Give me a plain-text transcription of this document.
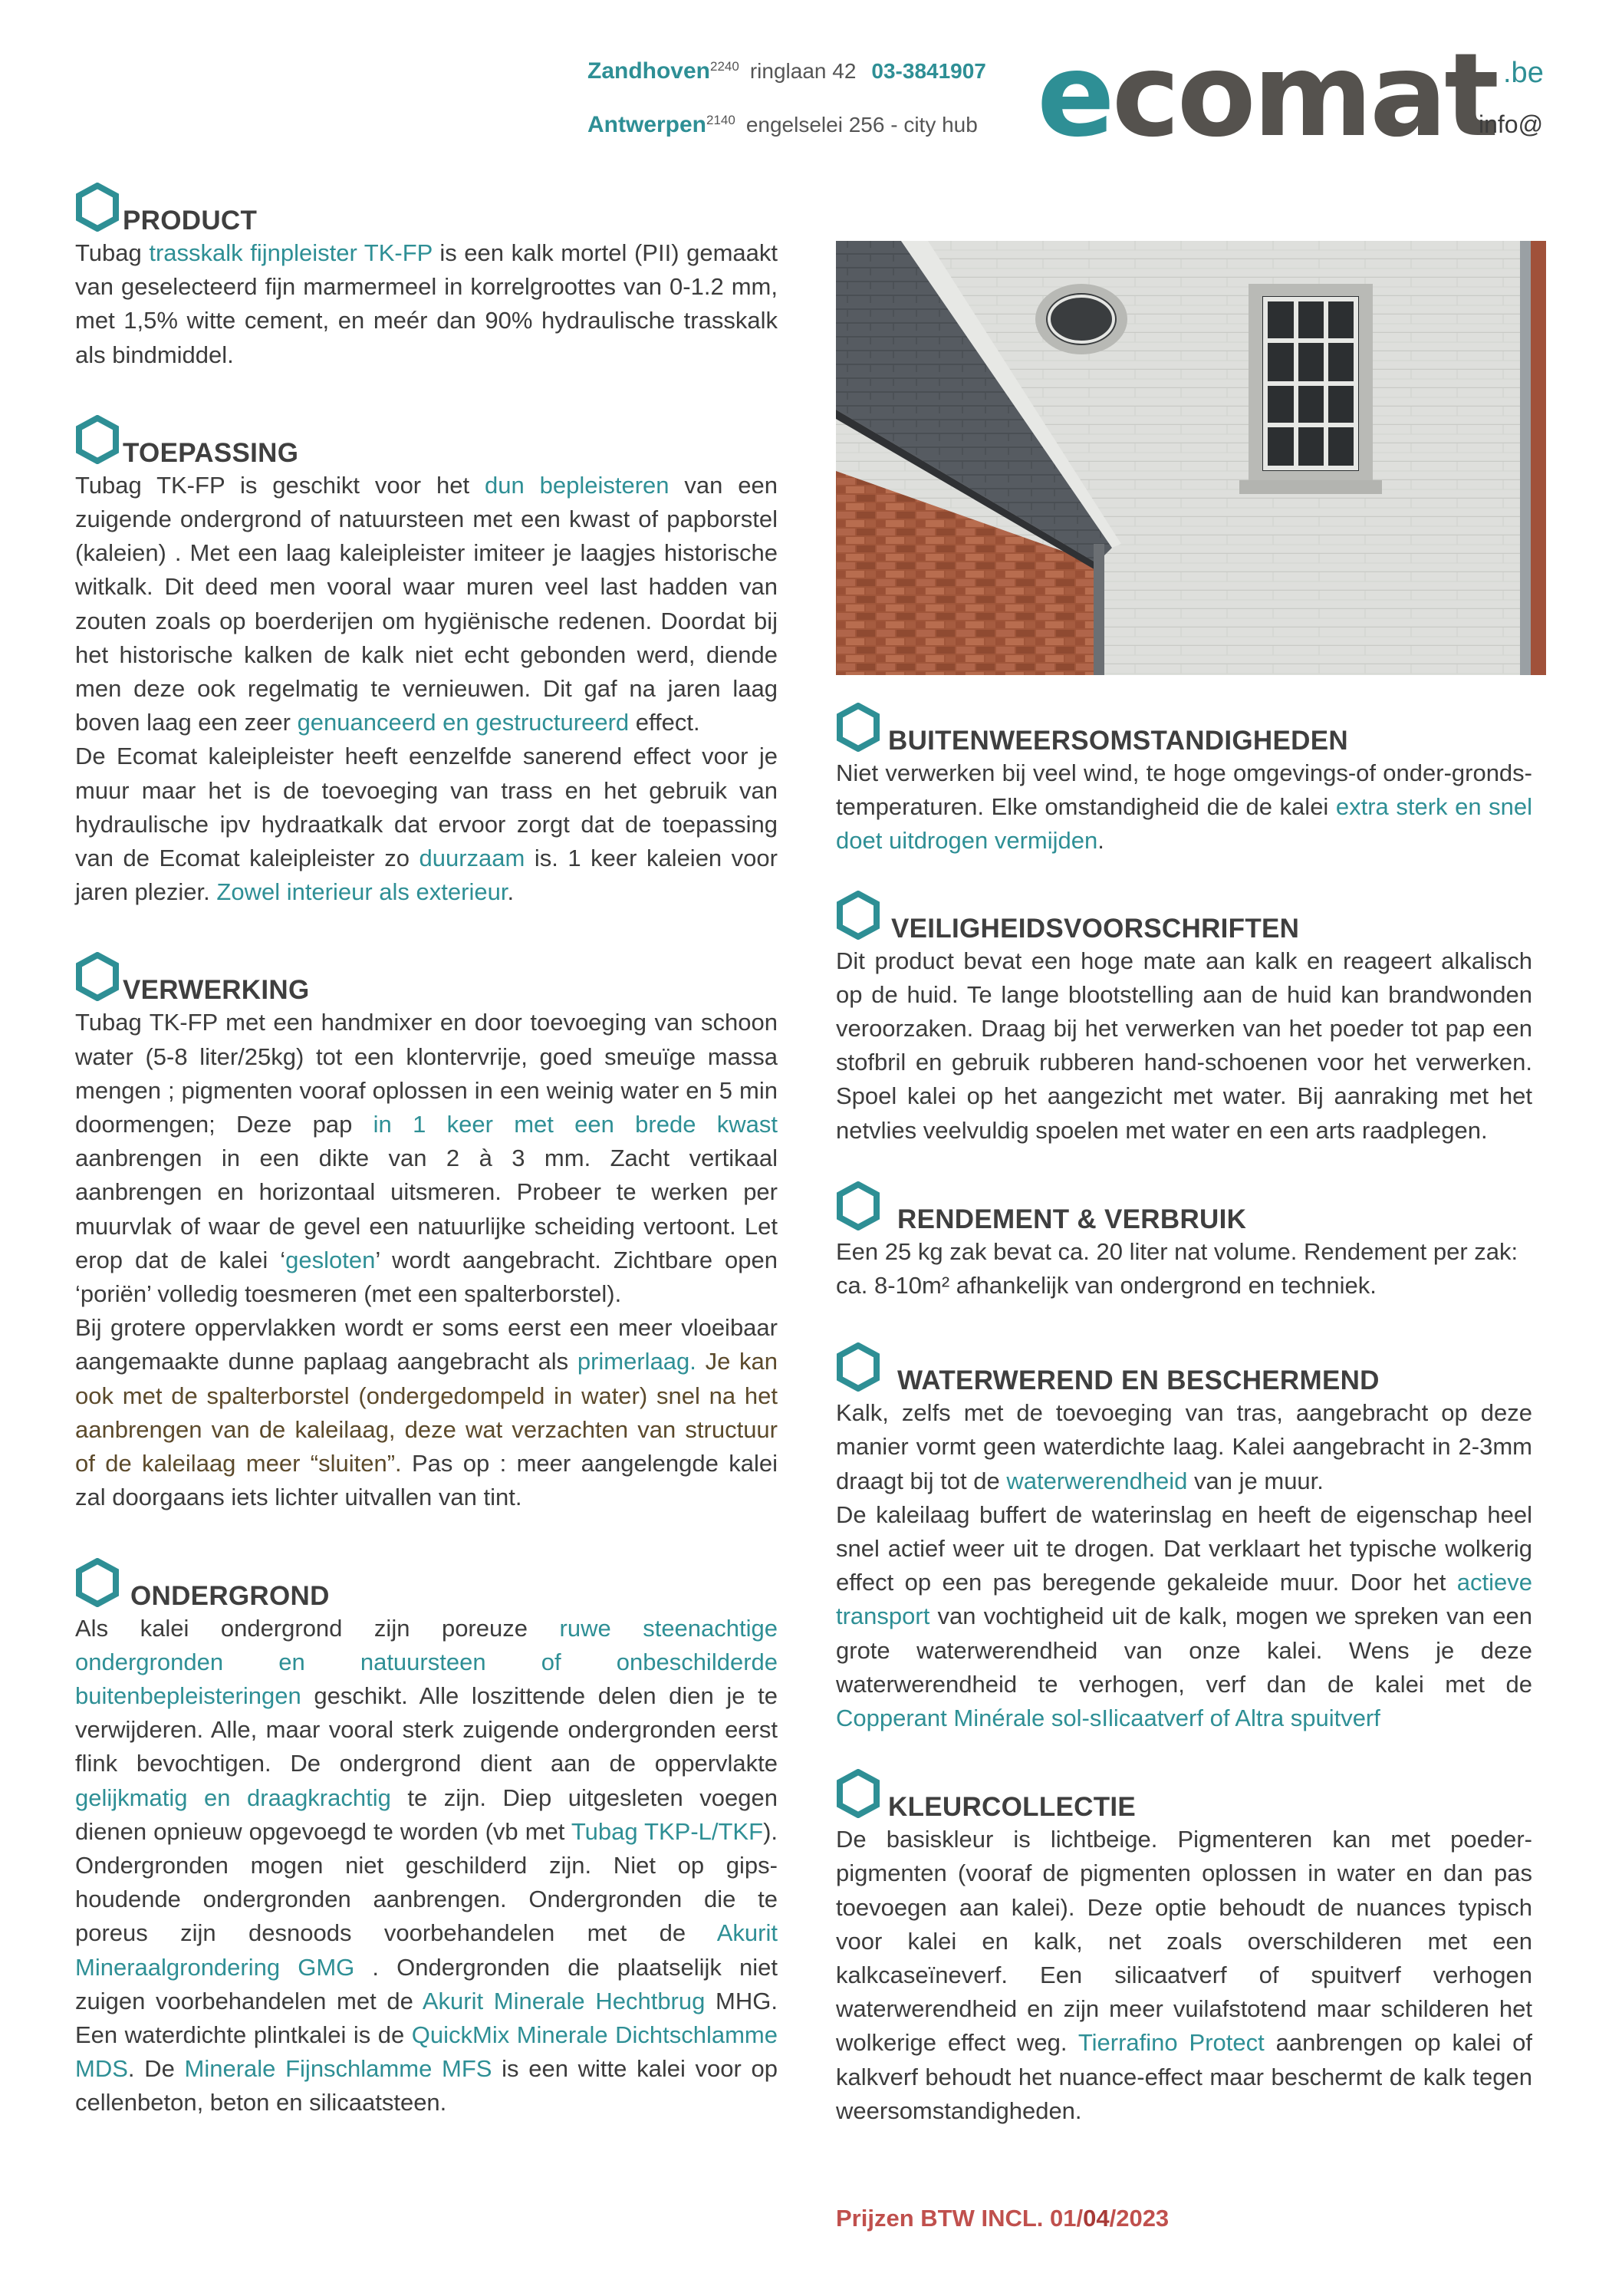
Zandhoven$^{2240}$ ringlaan 42 03-3841907
Antwerpen$^{2140}$ engelselei 256 - city hub ecomat .be
info@
PRODUCT

Tubag trasskalk fijnpleister TK-FP is een kalk mortel (PII) gemaakt van geselecteerd fijn marmermeel in korrelgroottes van 0-1.2 mm, met 1,5% witte cement, en meér dan 90% hydraulische trasskalk als bindmiddel.

TOEPASSING

Tubag TK-FP is geschikt voor het dun bepleisteren van een zuigende ondergrond of natuursteen met een kwast of papborstel (kaleien) . Met een laag kaleipleister imiteer je laagjes historische witkalk. Dit deed men vooral waar muren veel last hadden van zouten zoals op boerderijen om hygiënische redenen. Doordat bij het historische kalken de kalk niet echt gebonden werd, diende men deze ook regelmatig te vernieuwen. Dit gaf na jaren laag boven laag een zeer genuanceerd en gestructureerd effect.

De Ecomat kaleipleister heeft eenzelfde sanerend effect voor je muur maar het is de toevoeging van trass en het gebruik van hydraulische ipv hydraatkalk dat ervoor zorgt dat de toepassing van de Ecomat kaleipleister zo duurzaam is. 1 keer kaleien voor jaren plezier. Zowel interieur als exterieur.

VERWERKING

Tubag TK-FP met een handmixer en door toevoeging van schoon water (5-8 liter/25kg) tot een klontervrije, goed smeuïge massa mengen ; pigmenten vooraf oplossen in een weinig water en 5 min doormengen; Deze pap in 1 keer met een brede kwast aanbrengen in een dikte van 2 à 3 mm. Zacht vertikaal aanbrengen en horizontaal uitsmeren. Probeer te werken per muurvlak of waar de gevel een natuurlijke scheiding vertoont. Let erop dat de kalei ‘gesloten’ wordt aangebracht. Zichtbare open ‘poriën’ volledig toesmeren (met een spalterborstel).

Bij grotere oppervlakken wordt er soms eerst een meer vloeibaar aangemaakte dunne paplaag aangebracht als primerlaag. Je kan ook met de spalterborstel (ondergedompeld in water) snel na het aanbrengen van de kaleilaag, deze wat verzachten van structuur of de kaleilaag meer “sluiten”. Pas op : meer aangelengde kalei zal doorgaans iets lichter uitvallen van tint.

ONDERGROND

Als kalei ondergrond zijn poreuze ruwe steenachtige ondergronden en natuursteen of onbeschilderde buitenbepleisteringen geschikt. Alle loszittende delen dien je te verwijderen. Alle, maar vooral sterk zuigende ondergronden eerst flink bevochtigen. De ondergrond dient aan de oppervlakte gelijkmatig en draagkrachtig te zijn. Diep uitgesleten voegen dienen opnieuw opgevoegd te worden (vb met Tubag TKP-L/TKF). Ondergronden mogen niet geschilderd zijn. Niet op gips- houdende ondergronden aanbrengen. Ondergronden die te poreus zijn desnoods voorbehandelen met de Akurit Mineraalgrondering GMG . Ondergronden die plaatselijk niet zuigen voorbehandelen met de Akurit Minerale Hechtbrug MHG. Een waterdichte plintkalei is de QuickMix Minerale Dichtschlamme MDS. De Minerale Fijnschlamme MFS is een witte kalei voor op cellenbeton, beton en silicaatsteen.

BUITENWEERSOMSTANDIGHEDEN

Niet verwerken bij veel wind, te hoge omgevings-of onder-gronds- temperaturen. Elke omstandigheid die de kalei extra sterk en snel doet uitdrogen vermijden.

VEILIGHEIDSVOORSCHRIFTEN

Dit product bevat een hoge mate aan kalk en reageert alkalisch op de huid. Te lange blootstelling aan de huid kan brandwonden veroorzaken. Draag bij het verwerken van het poeder tot pap een stofbril en gebruik rubberen hand-schoenen voor het verwerken. Spoel kalei op het aangezicht met water. Bij aanraking met het netvlies veelvuldig spoelen met water en een arts raadplegen.

RENDEMENT & VERBRUIK

Een 25 kg zak bevat ca. 20 liter nat volume. Rendement per zak: ca. 8-10m² afhankelijk van ondergrond en techniek.

WATERWEREND EN BESCHERMEND

Kalk, zelfs met de toevoeging van tras, aangebracht op deze manier vormt geen waterdichte laag. Kalei aangebracht in 2-3mm draagt bij tot de waterwerendheid van je muur.

De kaleilaag buffert de waterinslag en heeft de eigenschap heel snel actief weer uit te drogen. Dat verklaart het typische wolkerig effect op een pas beregende gekaleide muur. Door het actieve transport van vochtigheid uit de kalk, mogen we spreken van een grote waterwerendheid van onze kalei. Wens je deze waterwerendheid te verhogen, verf dan de kalei met de Copperant Minérale sol-sIlicaatverf of Altra spuitverf

KLEURCOLLECTIE

De basiskleur is lichtbeige. Pigmenteren kan met poeder-pigmenten (vooraf de pigmenten oplossen in water en dan pas toevoegen aan kalei). Deze optie behoudt de nuances typisch voor kalei en kalk, net zoals overschilderen met een kalkcaseïneverf. Een silicaatverf of spuitverf verhogen waterwerendheid en zijn meer vuilafstotend maar schilderen het wolkerige effect weg. Tierrafino Protect aanbrengen op kalei of kalkverf behoudt het nuance-effect maar beschermt de kalk tegen weersomstandigheden.

Prijzen BTW INCL. 01/04/2023
